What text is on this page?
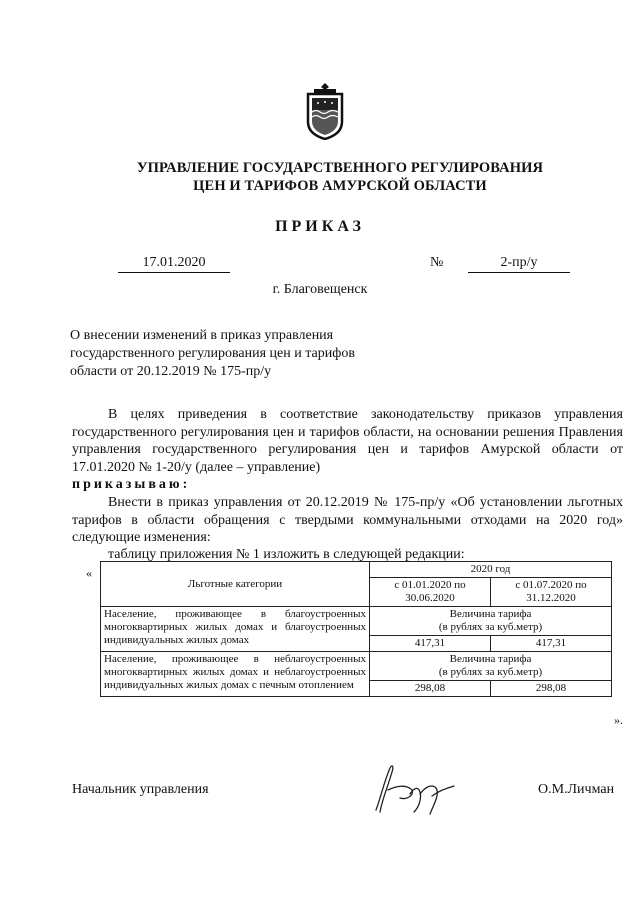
УПРАВЛЕНИЕ ГОСУДАРСТВЕННОГО РЕГУЛИРОВАНИЯ
ЦЕН И ТАРИФОВ АМУРСКОЙ ОБЛАСТИ
ПРИКАЗ
17.01.2020	№	2-пр/у
г. Благовещенск
О внесении изменений в приказ управления государственного регулирования цен и тарифов области от 20.12.2019 № 175-пр/у
В целях приведения в соответствие законодательству приказов управления государственного регулирования цен и тарифов области, на основании решения Правления управления государственного регулирования цен и тарифов Амурской области от 17.01.2020 № 1-20/у (далее – управление)
приказываю:
Внести в приказ управления от 20.12.2019 № 175-пр/у «Об установлении льготных тарифов в области обращения с твердыми коммунальными отходами на 2020 год» следующие изменения:
таблицу приложения № 1 изложить в следующей редакции:
«
Льготные категории	2020 год	
	с 01.01.2020 по 30.06.2020	с 01.07.2020 по 31.12.2020
Население, проживающее в благоустроенных многоквартирных жилых домах и благоустроенных индивидуальных жилых домах	Величина тарифа
(в рублях за куб.метр)	

	417,31	417,31
Население, проживающее в неблагоустроенных многоквартирных жилых домах и неблагоустроенных индивидуальных жилых домах с печным отоплением	Величина тарифа
(в рублях за куб.метр)	

	298,08	298,08
».
Начальник управления	О.М.Личман
